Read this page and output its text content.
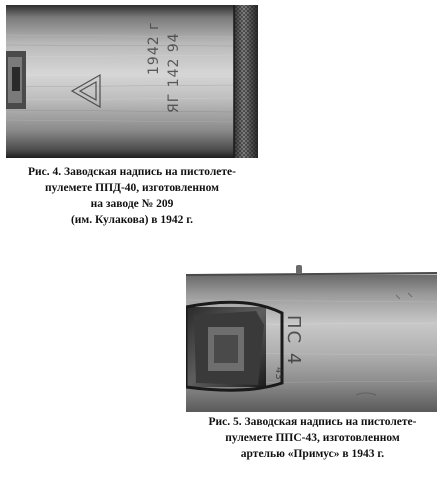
1942 г ЯГ 142 94
Рис. 4. Заводская надпись на пистолете-
пулемете ППД-40, изготовленном
на заводе № 209
(им. Кулакова) в 1942 г.
ПС 4
43
Рис. 5. Заводская надпись на пистолете-
пулемете ППС-43, изготовленном
артелью «Примус» в 1943 г.
